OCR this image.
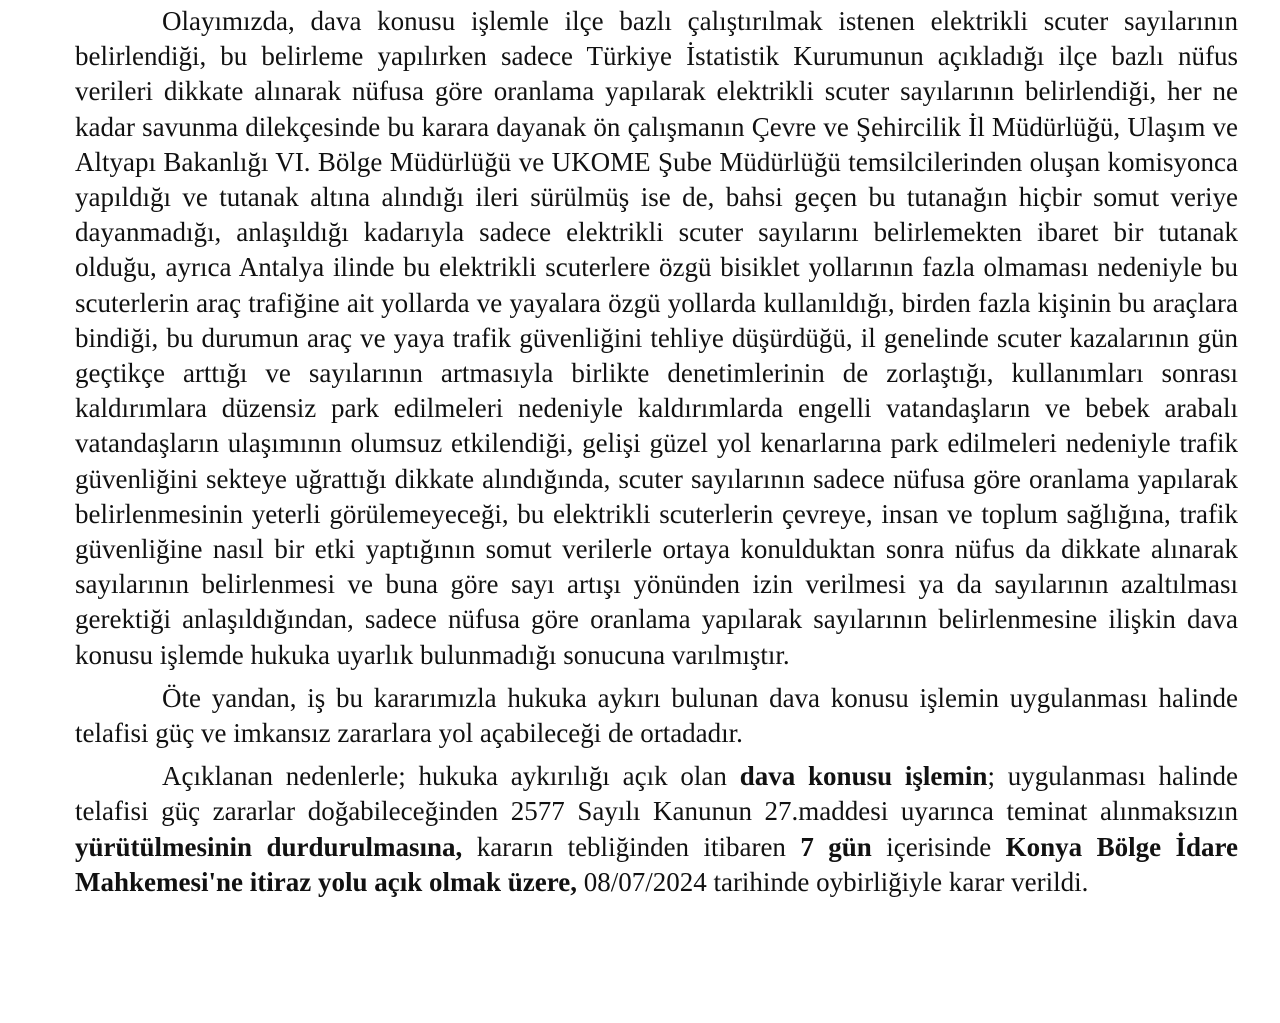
Olayımızda, dava konusu işlemle ilçe bazlı çalıştırılmak istenen elektrikli scuter sayılarının belirlendiği, bu belirleme yapılırken sadece Türkiye İstatistik Kurumunun açıkladığı ilçe bazlı nüfus verileri dikkate alınarak nüfusa göre oranlama yapılarak elektrikli scuter sayılarının belirlendiği, her ne kadar savunma dilekçesinde bu karara dayanak ön çalışmanın Çevre ve Şehircilik İl Müdürlüğü, Ulaşım ve Altyapı Bakanlığı VI. Bölge Müdürlüğü ve UKOME Şube Müdürlüğü temsilcilerinden oluşan komisyonca yapıldığı ve tutanak altına alındığı ileri sürülmüş ise de, bahsi geçen bu tutanağın hiçbir somut veriye dayanmadığı, anlaşıldığı kadarıyla sadece elektrikli scuter sayılarını belirlemekten ibaret bir tutanak olduğu, ayrıca Antalya ilinde bu elektrikli scuterlere özgü bisiklet yollarının fazla olmaması nedeniyle bu scuterlerin araç trafiğine ait yollarda ve yayalara özgü yollarda kullanıldığı, birden fazla kişinin bu araçlara bindiği, bu durumun araç ve yaya trafik güvenliğini tehliye düşürdüğü, il genelinde scuter kazalarının gün geçtikçe arttığı ve sayılarının artmasıyla birlikte denetimlerinin de zorlaştığı, kullanımları sonrası kaldırımlara düzensiz park edilmeleri nedeniyle kaldırımlarda engelli vatandaşların ve bebek arabalı vatandaşların ulaşımının olumsuz etkilendiği, gelişi güzel yol kenarlarına park edilmeleri nedeniyle trafik güvenliğini sekteye uğrattığı dikkate alındığında, scuter sayılarının sadece nüfusa göre oranlama yapılarak belirlenmesinin yeterli görülemeyeceği, bu elektrikli scuterlerin çevreye, insan ve toplum sağlığına, trafik güvenliğine nasıl bir etki yaptığının somut verilerle ortaya konulduktan sonra nüfus da dikkate alınarak sayılarının belirlenmesi ve buna göre sayı artışı yönünden izin verilmesi ya da sayılarının azaltılması gerektiği anlaşıldığından, sadece nüfusa göre oranlama yapılarak sayılarının belirlenmesine ilişkin dava konusu işlemde hukuka uyarlık bulunmadığı sonucuna varılmıştır.

Öte yandan, iş bu kararımızla hukuka aykırı bulunan dava konusu işlemin uygulanması halinde telafisi güç ve imkansız zararlara yol açabileceği de ortadadır.

Açıklanan nedenlerle; hukuka aykırılığı açık olan dava konusu işlemin; uygulanması halinde telafisi güç zararlar doğabileceğinden 2577 Sayılı Kanunun 27.maddesi uyarınca teminat alınmaksızın yürütülmesinin durdurulmasına, kararın tebliğinden itibaren 7 gün içerisinde Konya Bölge İdare Mahkemesi'ne itiraz yolu açık olmak üzere, 08/07/2024 tarihinde oybirliğiyle karar verildi.
